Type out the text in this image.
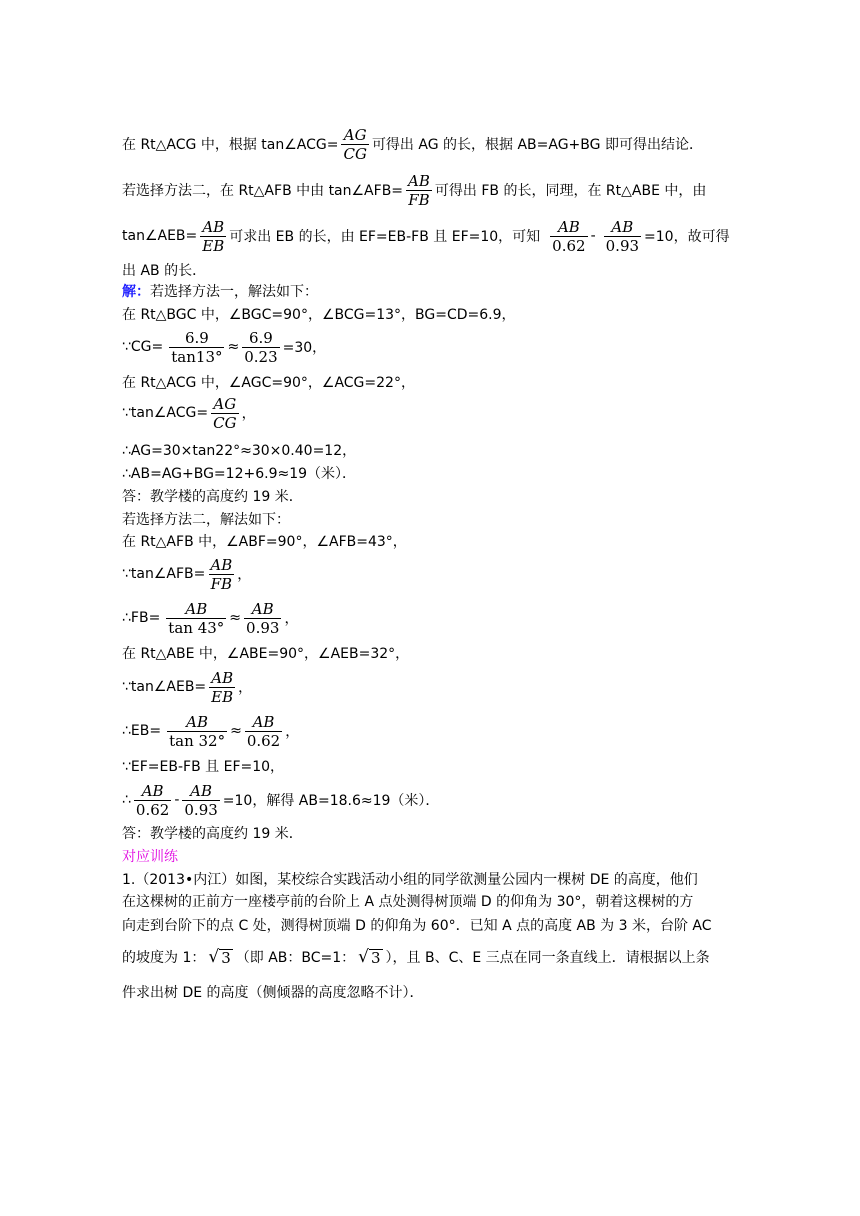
在 Rt△ACG 中，根据 tan∠ACG= $\frac{AG}{CG}$ 可得出 AG 的长，根据 AB=AG+BG 即可得出结论．
若选择方法二，在 Rt△AFB 中由 tan∠AFB= $\frac{AB}{FB}$ 可得出 FB 的长，同理，在 Rt△ABE 中，由
tan∠AEB= $\frac{AB}{EB}$ 可求出 EB 的长，由 EF=EB-FB 且 EF=10，可知 $\frac{AB}{0.62} - \frac{AB}{0.93} =10$，故可得
出 AB 的长．
解： 若选择方法一，解法如下：
在 Rt△BGC 中，∠BGC=90°，∠BCG=13°，BG=CD=6.9，
∵CG= $\frac{6.9}{\tan 13^\circ} \approx \frac{6.9}{0.23} =30$，
在 Rt△ACG 中，∠AGC=90°，∠ACG=22°，
∵tan∠ACG= $\frac{AG}{CG}$ ，
∴AG=30×tan22°≈30×0.40=12，
∴AB=AG+BG=12+6.9≈19（米）．
答：教学楼的高度约 19 米．
若选择方法二，解法如下：
在 Rt△AFB 中，∠ABF=90°，∠AFB=43°，
∵tan∠AFB= $\frac{AB}{FB}$ ，
∴FB= $\frac{AB}{\tan 43^\circ} \approx \frac{AB}{0.93}$ ，
在 Rt△ABE 中，∠ABE=90°，∠AEB=32°，
∵tan∠AEB= $\frac{AB}{EB}$ ，
∴EB= $\frac{AB}{\tan 32^\circ} \approx \frac{AB}{0.62}$ ，
∵EF=EB-FB 且 EF=10，
∴ $\frac{AB}{0.62} - \frac{AB}{0.93} =10$，解得 AB=18.6≈19（米）．
答：教学楼的高度约 19 米．
对应训练
1.（2013•内江）如图，某校综合实践活动小组的同学欲测量公园内一棵树 DE 的高度，他们
在这棵树的正前方一座楼亭前的台阶上 A 点处测得树顶端 D 的仰角为 30°，朝着这棵树的方
向走到台阶下的点 C 处，测得树顶端 D 的仰角为 60°．已知 A 点的高度 AB 为 3 米，台阶 AC
的坡度为 1： √ 3 （即 AB：BC=1： √ 3 ），且 B、C、E 三点在同一条直线上．请根据以上条
件求出树 DE 的高度（侧倾器的高度忽略不计）．
